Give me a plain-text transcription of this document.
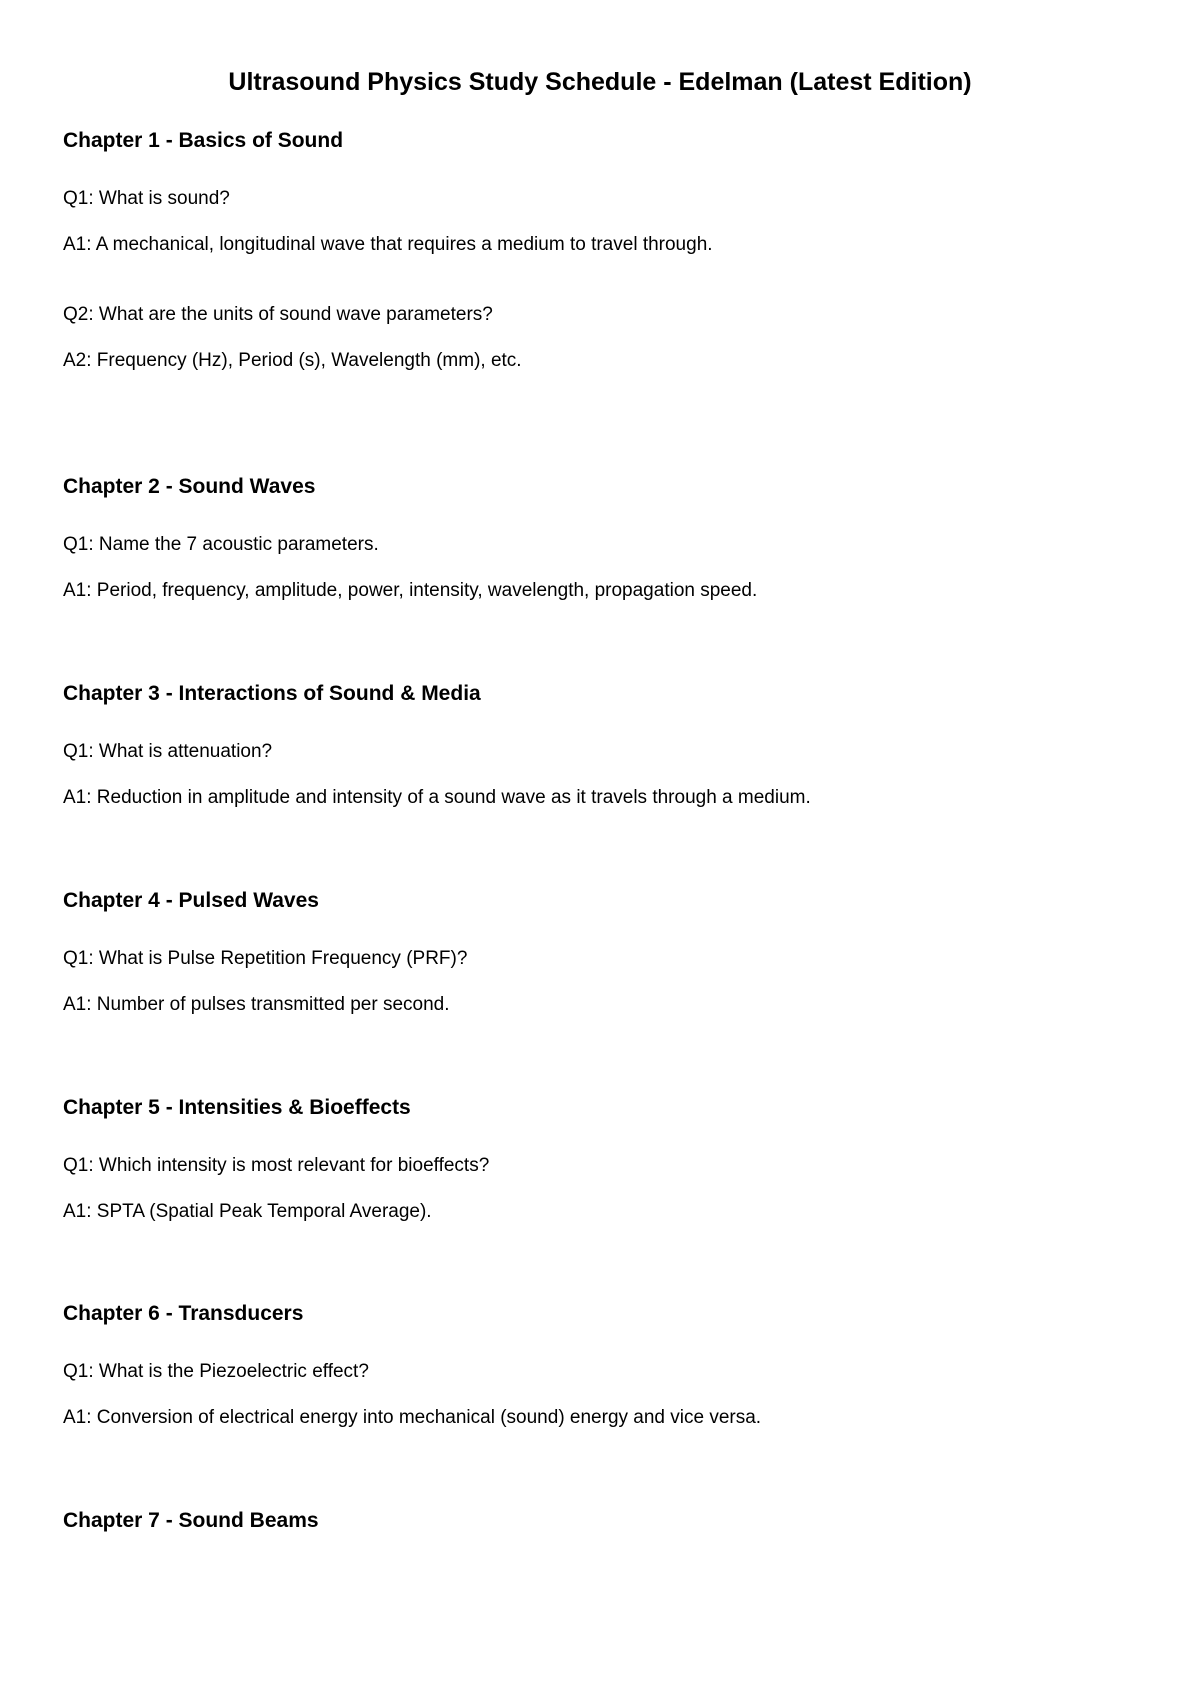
Ultrasound Physics Study Schedule - Edelman (Latest Edition)
Chapter 1 - Basics of Sound

Q1: What is sound?

A1: A mechanical, longitudinal wave that requires a medium to travel through.

Q2: What are the units of sound wave parameters?

A2: Frequency (Hz), Period (s), Wavelength (mm), etc.

Chapter 2 - Sound Waves

Q1: Name the 7 acoustic parameters.

A1: Period, frequency, amplitude, power, intensity, wavelength, propagation speed.

Chapter 3 - Interactions of Sound & Media

Q1: What is attenuation?

A1: Reduction in amplitude and intensity of a sound wave as it travels through a medium.

Chapter 4 - Pulsed Waves

Q1: What is Pulse Repetition Frequency (PRF)?

A1: Number of pulses transmitted per second.

Chapter 5 - Intensities & Bioeffects

Q1: Which intensity is most relevant for bioeffects?

A1: SPTA (Spatial Peak Temporal Average).

Chapter 6 - Transducers

Q1: What is the Piezoelectric effect?

A1: Conversion of electrical energy into mechanical (sound) energy and vice versa.

Chapter 7 - Sound Beams
